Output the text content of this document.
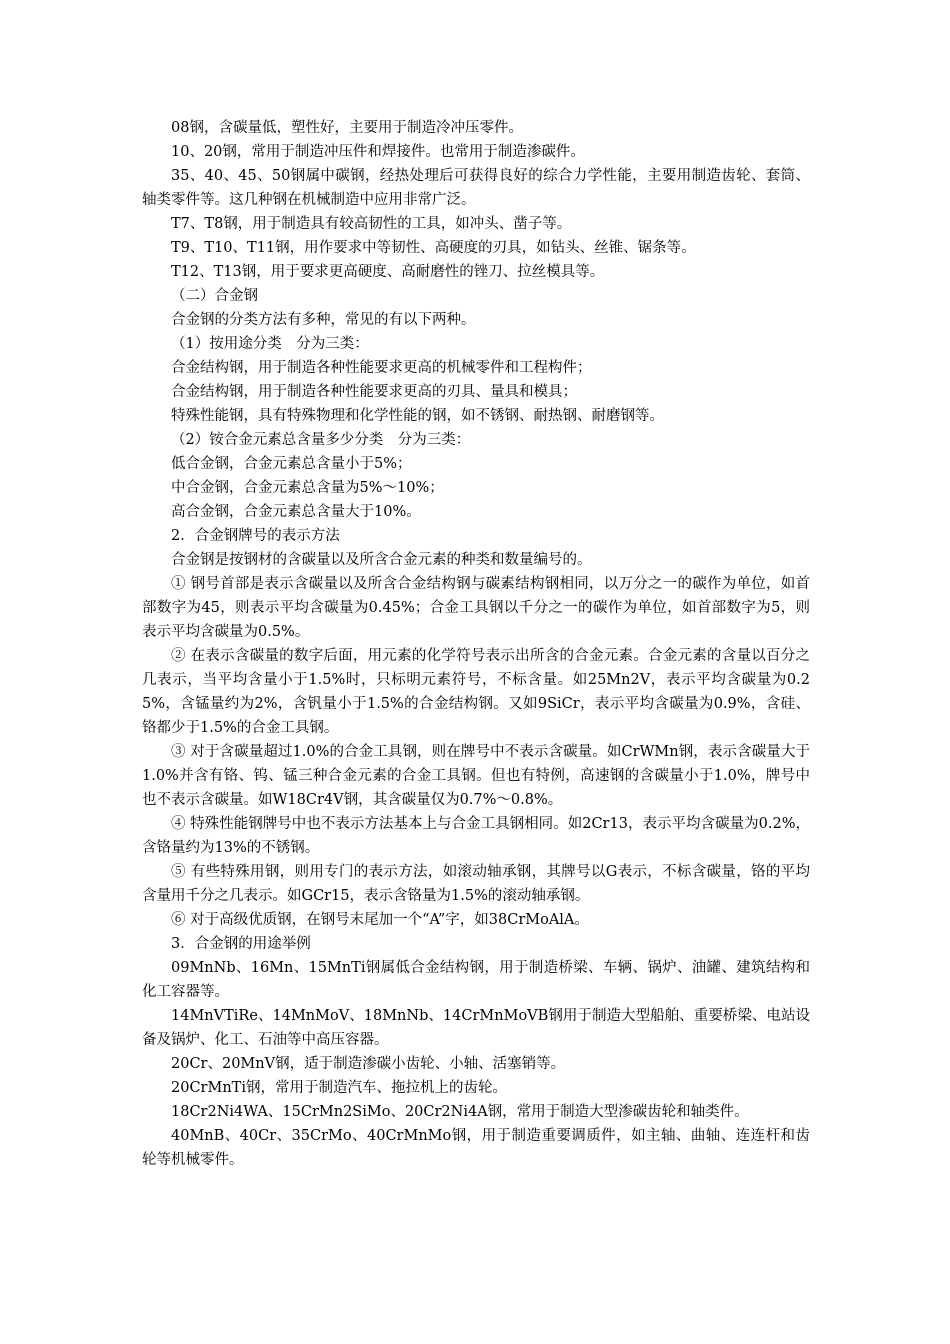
08钢，含碳量低，塑性好，主要用于制造冷冲压零件。

10、20钢，常用于制造冲压件和焊接件。也常用于制造渗碳件。

35、40、45、50钢属中碳钢，经热处理后可获得良好的综合力学性能，主要用制造齿轮、套筒、轴类零件等。这几种钢在机械制造中应用非常广泛。

T7、T8钢，用于制造具有较高韧性的工具，如冲头、凿子等。

T9、T10、T11钢，用作要求中等韧性、高硬度的刃具，如钻头、丝锥、锯条等。

T12、T13钢，用于要求更高硬度、高耐磨性的锉刀、拉丝模具等。

（二）合金钢

合金钢的分类方法有多种，常见的有以下两种。

（1）按用途分类　分为三类：

合金结构钢，用于制造各种性能要求更高的机械零件和工程构件；

合金结构钢，用于制造各种性能要求更高的刃具、量具和模具；

特殊性能钢，具有特殊物理和化学性能的钢，如不锈钢、耐热钢、耐磨钢等。

（2）铵合金元素总含量多少分类　分为三类：

低合金钢，合金元素总含量小于5%；

中合金钢，合金元素总含量为5%～10%；

高合金钢，合金元素总含量大于10%。

2．合金钢牌号的表示方法

合金钢是按钢材的含碳量以及所含合金元素的种类和数量编号的。

① 钢号首部是表示含碳量以及所含合金结构钢与碳素结构钢相同，以万分之一的碳作为单位，如首部数字为45，则表示平均含碳量为0.45%；合金工具钢以千分之一的碳作为单位，如首部数字为5，则表示平均含碳量为0.5%。

② 在表示含碳量的数字后面，用元素的化学符号表示出所含的合金元素。合金元素的含量以百分之几表示，当平均含量小于1.5%时，只标明元素符号，不标含量。如25Mn2V，表示平均含碳量为0.25%，含锰量约为2%，含钒量小于1.5%的合金结构钢。又如9SiCr，表示平均含碳量为0.9%，含硅、铬都少于1.5%的合金工具钢。

③ 对于含碳量超过1.0%的合金工具钢，则在牌号中不表示含碳量。如CrWMn钢，表示含碳量大于1.0%并含有铬、钨、锰三种合金元素的合金工具钢。但也有特例，高速钢的含碳量小于1.0%，牌号中也不表示含碳量。如W18Cr4V钢，其含碳量仅为0.7%～0.8%。

④ 特殊性能钢牌号中也不表示方法基本上与合金工具钢相同。如2Cr13，表示平均含碳量为0.2%，含铬量约为13%的不锈钢。

⑤ 有些特殊用钢，则用专门的表示方法，如滚动轴承钢，其牌号以G表示，不标含碳量，铬的平均含量用千分之几表示。如GCr15，表示含铬量为1.5%的滚动轴承钢。

⑥ 对于高级优质钢，在钢号末尾加一个“A”字，如38CrMoAlA。

3．合金钢的用途举例

09MnNb、16Mn、15MnTi钢属低合金结构钢，用于制造桥梁、车辆、锅炉、油罐、建筑结构和化工容器等。

14MnVTiRe、14MnMoV、18MnNb、14CrMnMoVB钢用于制造大型船舶、重要桥梁、电站设备及锅炉、化工、石油等中高压容器。

20Cr、20MnV钢，适于制造渗碳小齿轮、小轴、活塞销等。

20CrMnTi钢，常用于制造汽车、拖拉机上的齿轮。

18Cr2Ni4WA、15CrMn2SiMo、20Cr2Ni4A钢，常用于制造大型渗碳齿轮和轴类件。

40MnB、40Cr、35CrMo、40CrMnMo钢，用于制造重要调质件，如主轴、曲轴、连连杆和齿轮等机械零件。
